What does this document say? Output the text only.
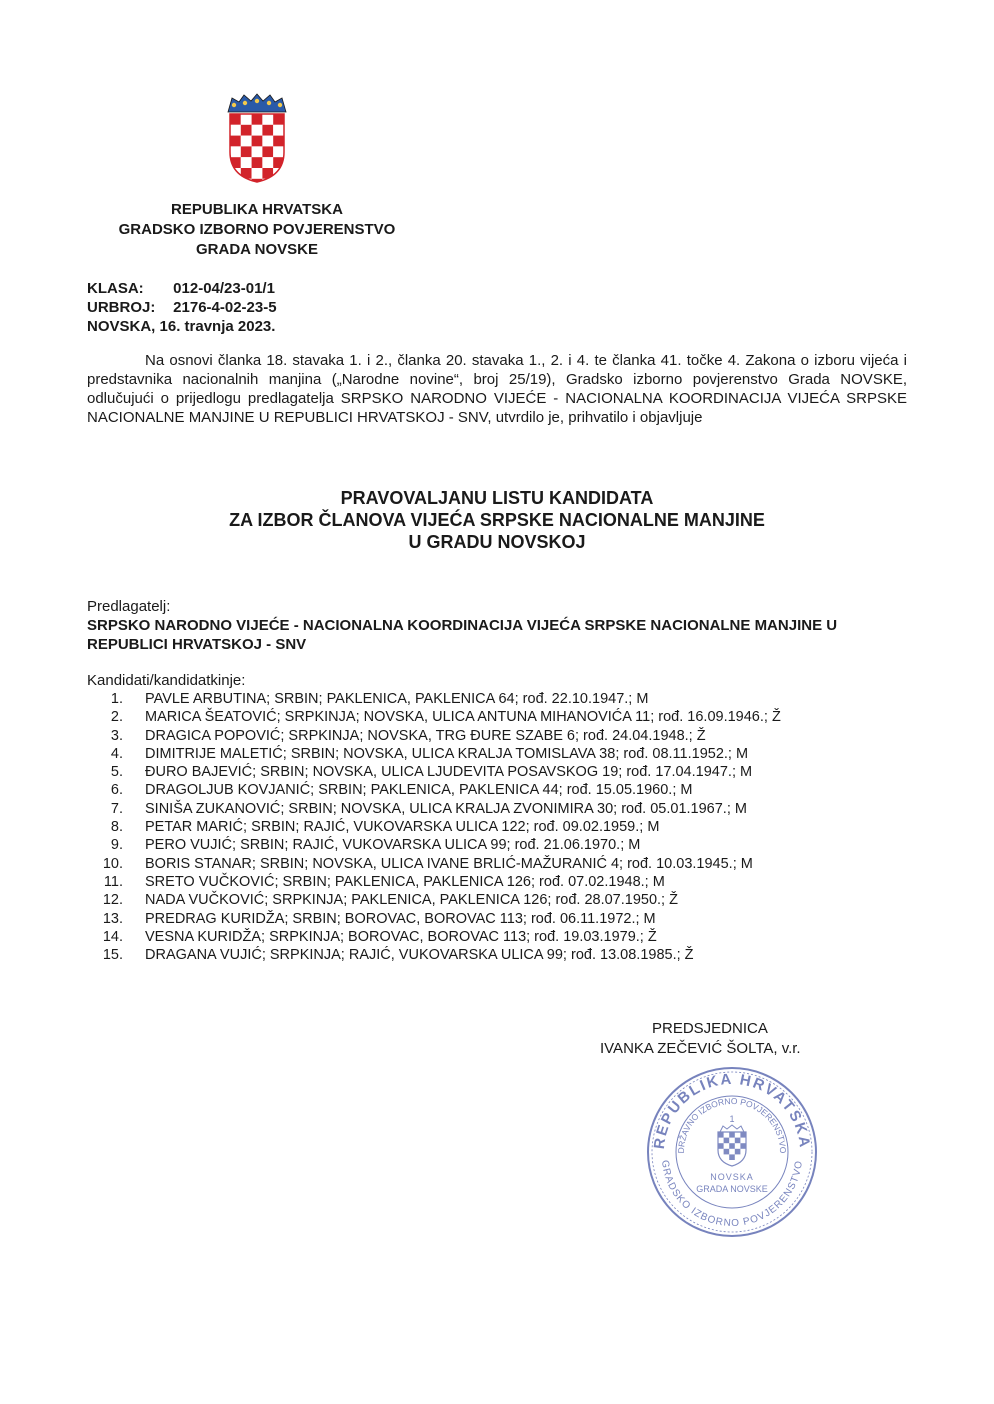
REPUBLIKA HRVATSKA
GRADSKO IZBORNO POVJERENSTVO
GRADA NOVSKE
KLASA: 012-04/23-01/1
URBROJ: 2176-4-02-23-5
NOVSKA, 16. travnja 2023.
Na osnovi članka 18. stavaka 1. i 2., članka 20. stavaka 1., 2. i 4. te članka 41. točke 4. Zakona o izboru vijeća i predstavnika nacionalnih manjina („Narodne novine“, broj 25/19), Gradsko izborno povjerenstvo Grada NOVSKE, odlučujući o prijedlogu predlagatelja SRPSKO NARODNO VIJEĆE - NACIONALNA KOORDINACIJA VIJEĆA SRPSKE NACIONALNE MANJINE U REPUBLICI HRVATSKOJ - SNV, utvrdilo je, prihvatilo i objavljuje
PRAVOVALJANU LISTU KANDIDATA
ZA IZBOR ČLANOVA VIJEĆA SRPSKE NACIONALNE MANJINE
U GRADU NOVSKOJ
Predlagatelj:
SRPSKO NARODNO VIJEĆE - NACIONALNA KOORDINACIJA VIJEĆA SRPSKE NACIONALNE MANJINE U REPUBLICI HRVATSKOJ - SNV
Kandidati/kandidatkinje:
1.	PAVLE ARBUTINA; SRBIN; PAKLENICA, PAKLENICA 64; rođ. 22.10.1947.; M
2.	MARICA ŠEATOVIĆ; SRPKINJA; NOVSKA, ULICA ANTUNA MIHANOVIĆA 11; rođ. 16.09.1946.; Ž
3.	DRAGICA POPOVIĆ; SRPKINJA; NOVSKA, TRG ĐURE SZABE 6; rođ. 24.04.1948.; Ž
4.	DIMITRIJE MALETIĆ; SRBIN; NOVSKA, ULICA KRALJA TOMISLAVA 38; rođ. 08.11.1952.; M
5.	ĐURO BAJEVIĆ; SRBIN; NOVSKA, ULICA LJUDEVITA POSAVSKOG 19; rođ. 17.04.1947.; M
6.	DRAGOLJUB KOVJANIĆ; SRBIN; PAKLENICA, PAKLENICA 44; rođ. 15.05.1960.; M
7.	SINIŠA ZUKANOVIĆ; SRBIN; NOVSKA, ULICA KRALJA ZVONIMIRA 30; rođ. 05.01.1967.; M
8.	PETAR MARIĆ; SRBIN; RAJIĆ, VUKOVARSKA ULICA 122; rođ. 09.02.1959.; M
9.	PERO VUJIĆ; SRBIN; RAJIĆ, VUKOVARSKA ULICA 99; rođ. 21.06.1970.; M
10.	BORIS STANAR; SRBIN; NOVSKA, ULICA IVANE BRLIĆ-MAŽURANIĆ 4; rođ. 10.03.1945.; M
11.	SRETO VUČKOVIĆ; SRBIN; PAKLENICA, PAKLENICA 126; rođ. 07.02.1948.; M
12.	NADA VUČKOVIĆ; SRPKINJA; PAKLENICA, PAKLENICA 126; rođ. 28.07.1950.; Ž
13.	PREDRAG KURIDŽA; SRBIN; BOROVAC, BOROVAC 113; rođ. 06.11.1972.; M
14.	VESNA KURIDŽA; SRPKINJA; BOROVAC, BOROVAC 113; rođ. 19.03.1979.; Ž
15.	DRAGANA VUJIĆ; SRPKINJA; RAJIĆ, VUKOVARSKA ULICA 99; rođ. 13.08.1985.; Ž
PREDSJEDNICA
IVANKA ZEČEVIĆ ŠOLTA, v.r.
REPUBLIKA HRVATSKA
DRŽAVNO IZBORNO POVJERENSTVO
GRADSKO IZBORNO POVJERENSTVO
1
NOVSKA
GRADA NOVSKE
